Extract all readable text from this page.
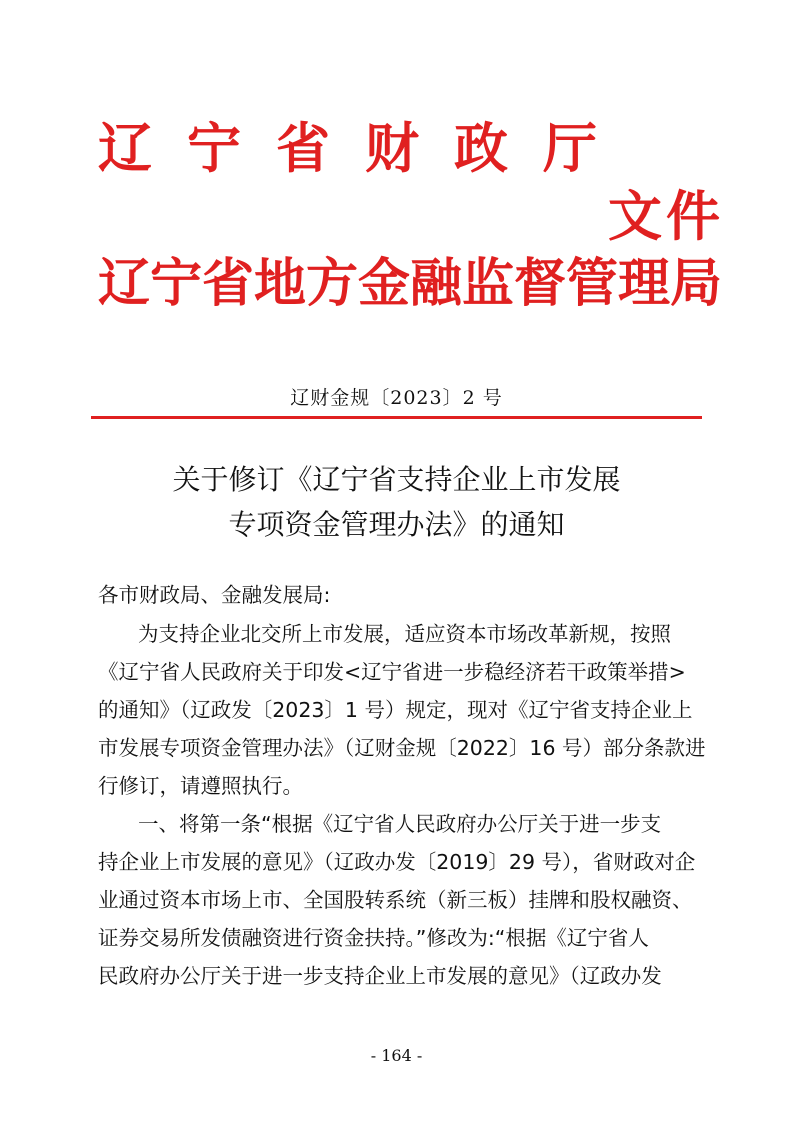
辽宁省财政厅
文件
辽宁省地方金融监督管理局
辽财金规〔2023〕2 号
关于修订《辽宁省支持企业上市发展
专项资金管理办法》的通知
各市财政局、金融发展局:
为支持企业北交所上市发展，适应资本市场改革新规，按照
《辽宁省人民政府关于印发<辽宁省进一步稳经济若干政策举措>
的通知》（辽政发〔2023〕1 号）规定，现对《辽宁省支持企业上
市发展专项资金管理办法》（辽财金规〔2022〕16 号）部分条款进
行修订，请遵照执行。
一、将第一条“根据《辽宁省人民政府办公厅关于进一步支
持企业上市发展的意见》（辽政办发〔2019〕29 号），省财政对企
业通过资本市场上市、全国股转系统（新三板）挂牌和股权融资、
证券交易所发债融资进行资金扶持。”修改为:“根据《辽宁省人
民政府办公厅关于进一步支持企业上市发展的意见》（辽政办发
- 164 -
